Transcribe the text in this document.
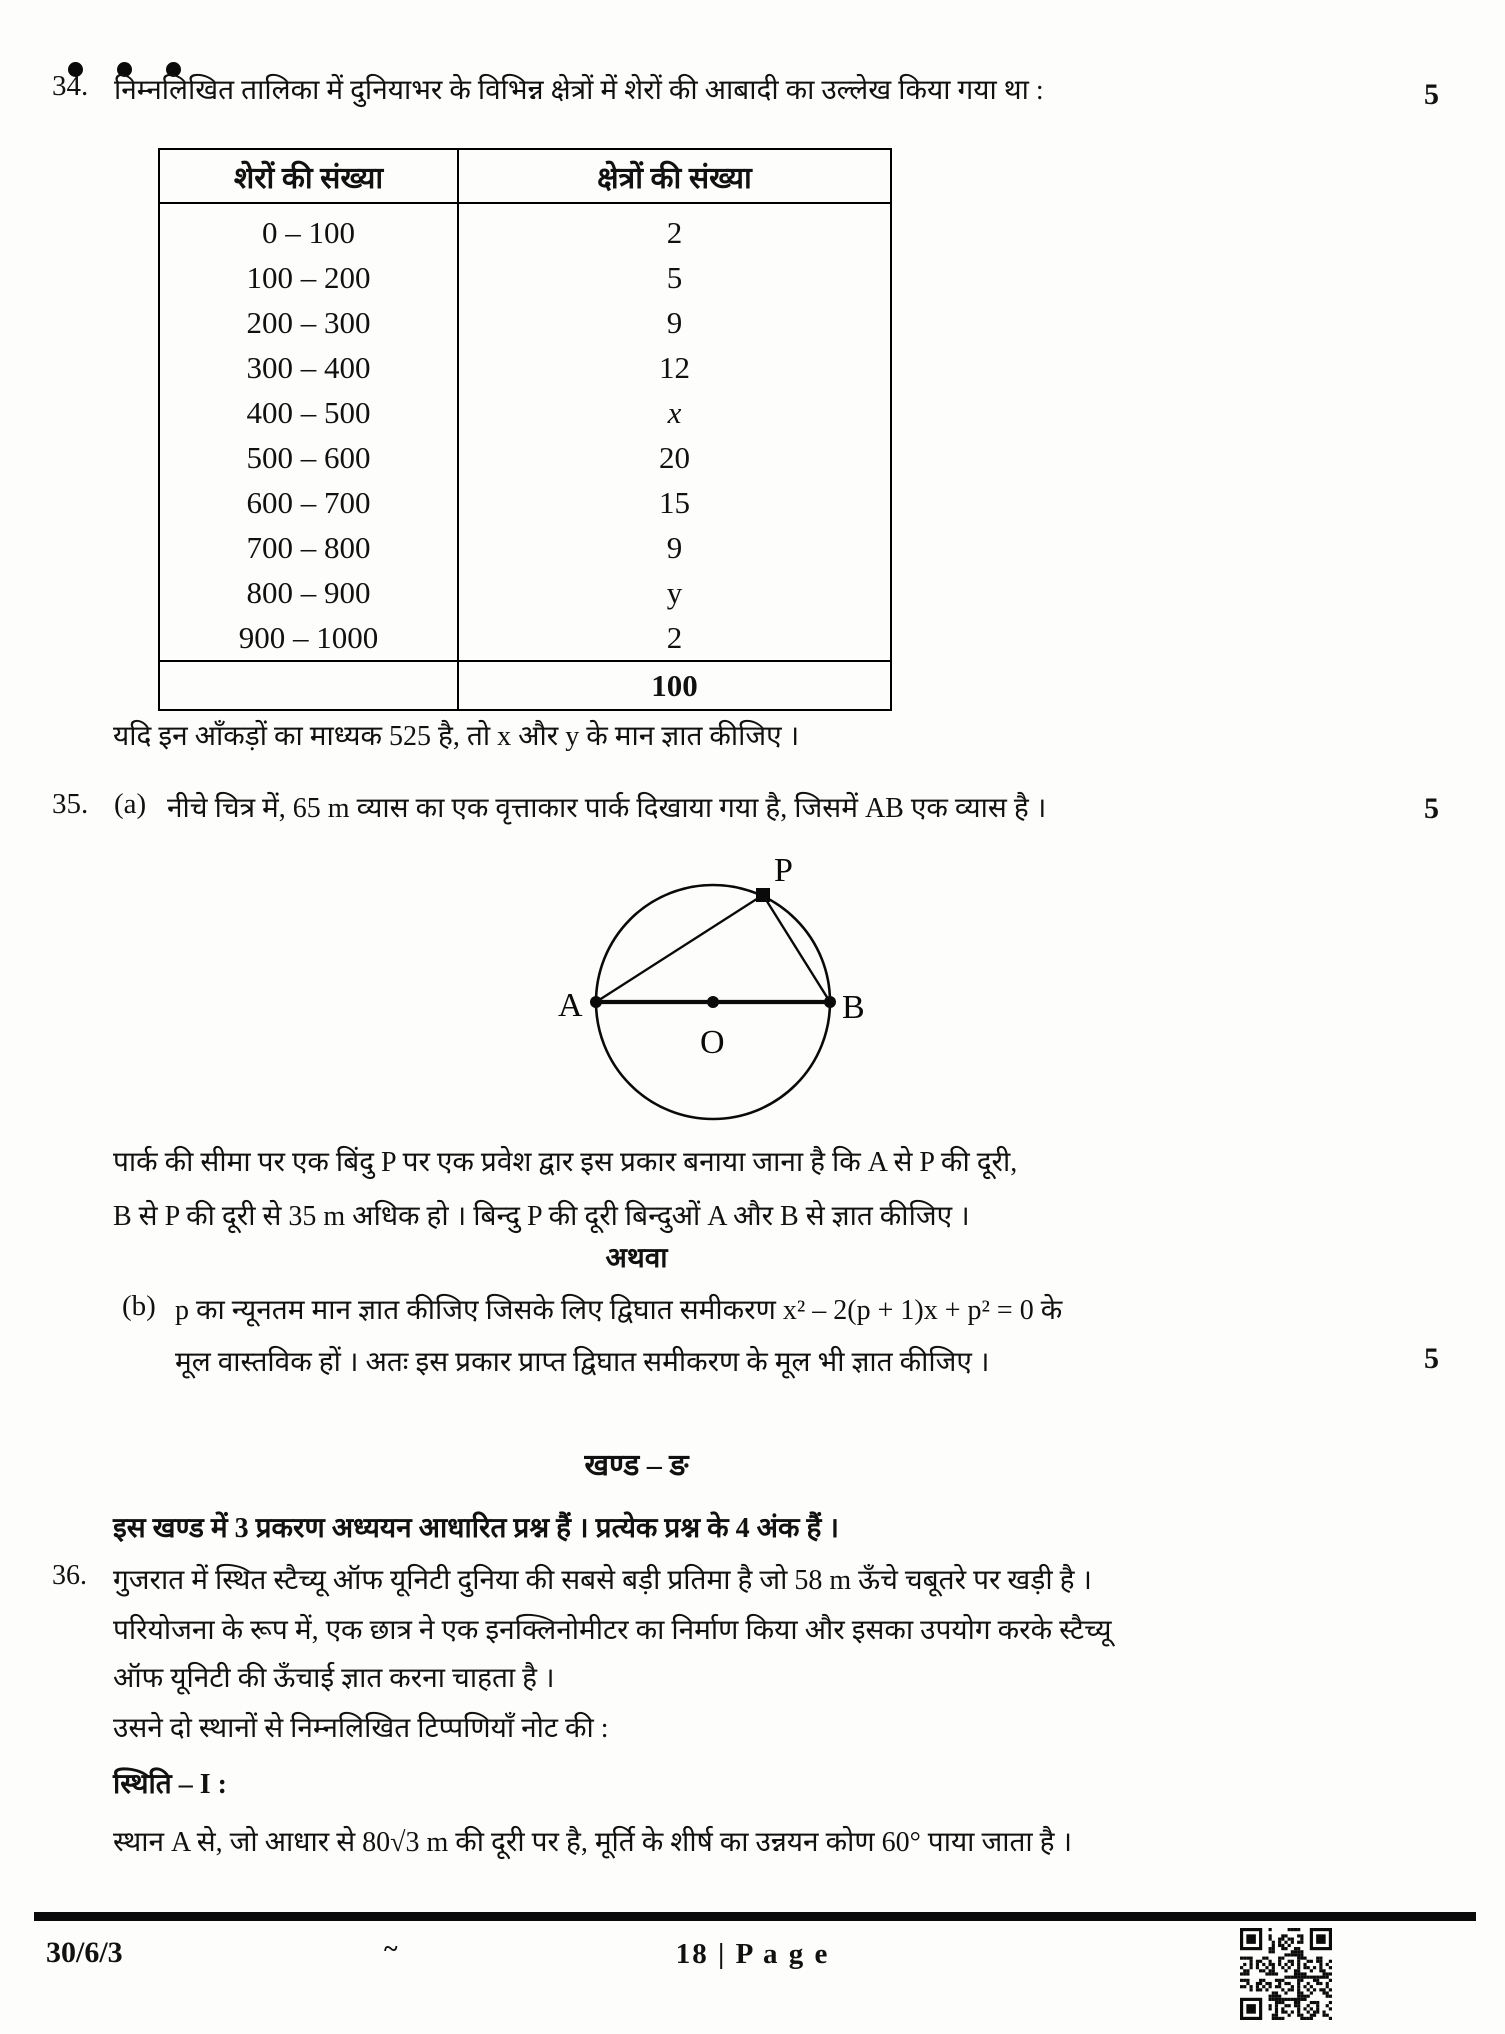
34. निम्नलिखित तालिका में दुनियाभर के विभिन्न क्षेत्रों में शेरों की आबादी का उल्लेख किया गया था :	5
शेरों की संख्या	क्षेत्रों की संख्या
0 – 100	2
100 – 200	5
200 – 300	9
300 – 400	12
400 – 500	x
500 – 600	20
600 – 700	15
700 – 800	9
800 – 900	y
900 – 1000	2
	100
यदि इन आँकड़ों का माध्यक 525 है, तो x और y के मान ज्ञात कीजिए ।
35. (a) नीचे चित्र में, 65 m व्यास का एक वृत्ताकार पार्क दिखाया गया है, जिसमें AB एक व्यास है ।	5
A	B
O
P
पार्क की सीमा पर एक बिंदु P पर एक प्रवेश द्वार इस प्रकार बनाया जाना है कि A से P की दूरी,
B से P की दूरी से 35 m अधिक हो । बिन्दु P की दूरी बिन्दुओं A और B से ज्ञात कीजिए ।
अथवा
(b) p का न्यूनतम मान ज्ञात कीजिए जिसके लिए द्विघात समीकरण x² – 2(p + 1)x + p² = 0 के
मूल वास्तविक हों । अतः इस प्रकार प्राप्त द्विघात समीकरण के मूल भी ज्ञात कीजिए ।	5
खण्ड – ङ
इस खण्ड में 3 प्रकरण अध्ययन आधारित प्रश्न हैं । प्रत्येक प्रश्न के 4 अंक हैं ।
36. गुजरात में स्थित स्टैच्यू ऑफ यूनिटी दुनिया की सबसे बड़ी प्रतिमा है जो 58 m ऊँचे चबूतरे पर खड़ी है ।
परियोजना के रूप में, एक छात्र ने एक इनक्लिनोमीटर का निर्माण किया और इसका उपयोग करके स्टैच्यू
ऑफ यूनिटी की ऊँचाई ज्ञात करना चाहता है ।
उसने दो स्थानों से निम्नलिखित टिप्पणियाँ नोट की :
स्थिति – I :
स्थान A से, जो आधार से 80√3 m की दूरी पर है, मूर्ति के शीर्ष का उन्नयन कोण 60° पाया जाता है ।
30/6/3	~	18 | P a g e
